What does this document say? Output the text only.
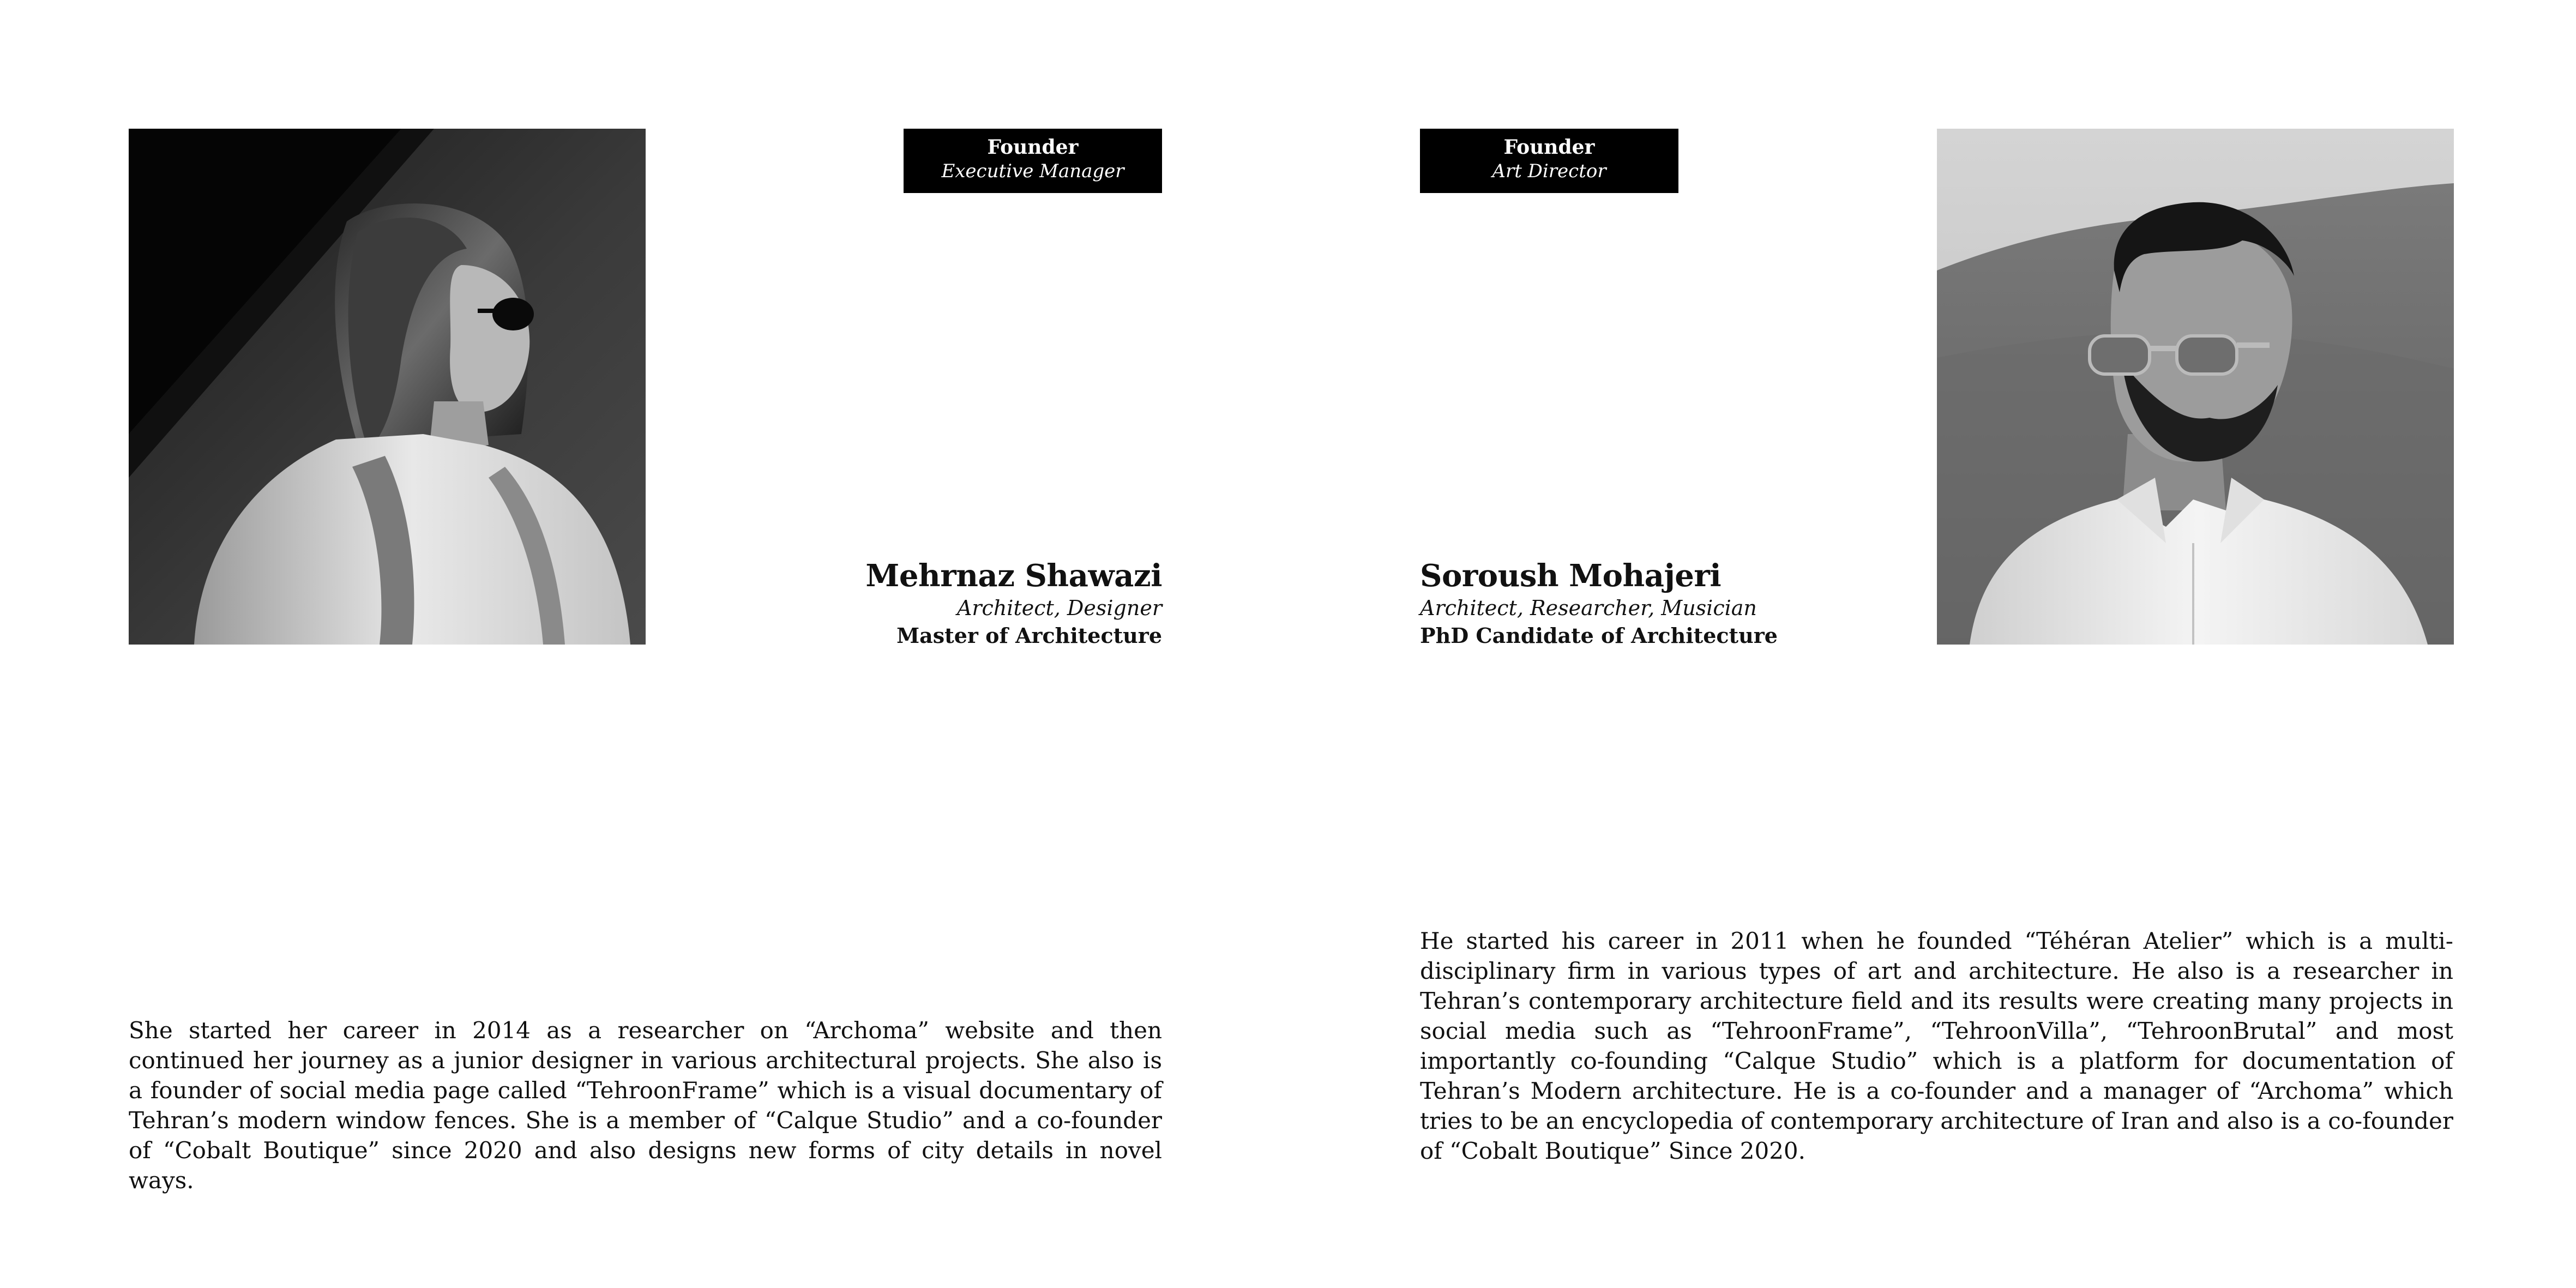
Founder
Executive Manager
Mehrnaz Shawazi
Architect, Designer
Master of Architecture
Founder
Art Director
Soroush Mohajeri
Architect, Researcher, Musician
PhD Candidate of Architecture

She started her career in 2014 as a researcher on “Archoma” website and then continued her journey as a junior designer in various architectural projects. She also is a founder of social media page called “TehroonFrame” which is a visual documentary of Tehran’s modern window fences. She is a member of “Calque Studio” and a co-founder of “Cobalt Boutique” since 2020 and also designs new forms of city details in novel ways.

He started his career in 2011 when he founded “Téhéran Atelier” which is a multi-disciplinary firm in various types of art and architecture. He also is a researcher in Tehran’s contemporary architecture field and its results were creating many projects in social media such as “TehroonFrame”, “TehroonVilla”, “TehroonBrutal” and most importantly co-founding “Calque Studio” which is a platform for documentation of Tehran’s Modern architecture. He is a co-founder and a manager of “Archoma” which tries to be an encyclopedia of contemporary architecture of Iran and also is a co-founder of “Cobalt Boutique” Since 2020.
